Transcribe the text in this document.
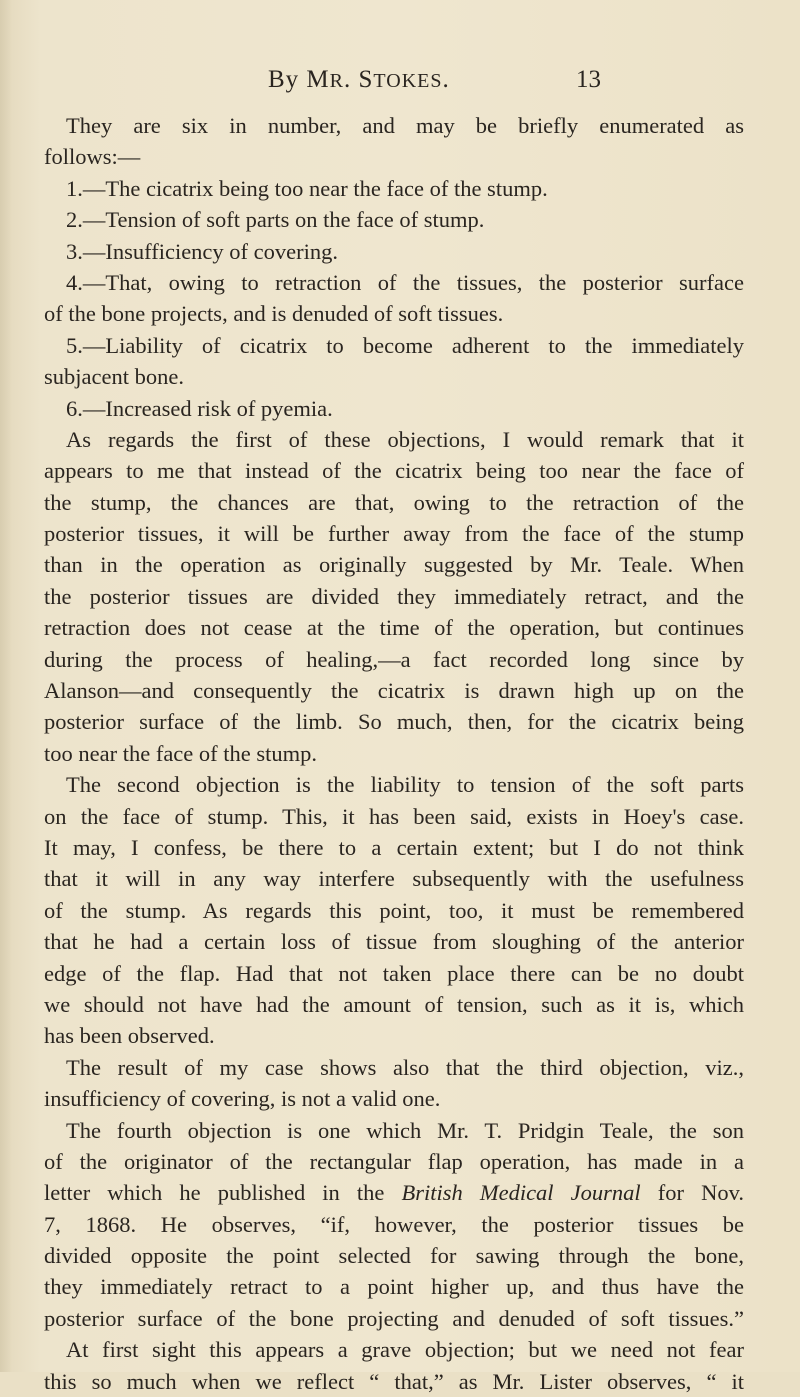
By MR. STOKES.	13
They are six in number, and may be briefly enumerated as
follows:—
1.—The cicatrix being too near the face of the stump.
2.—Tension of soft parts on the face of stump.
3.—Insufficiency of covering.
4.—That, owing to retraction of the tissues, the posterior surface
of the bone projects, and is denuded of soft tissues.
5.—Liability of cicatrix to become adherent to the immediately
subjacent bone.
6.—Increased risk of pyemia.
As regards the first of these objections, I would remark that it
appears to me that instead of the cicatrix being too near the face of
the stump, the chances are that, owing to the retraction of the
posterior tissues, it will be further away from the face of the stump
than in the operation as originally suggested by Mr. Teale. When
the posterior tissues are divided they immediately retract, and the
retraction does not cease at the time of the operation, but continues
during the process of healing,—a fact recorded long since by
Alanson—and consequently the cicatrix is drawn high up on the
posterior surface of the limb. So much, then, for the cicatrix being
too near the face of the stump.
The second objection is the liability to tension of the soft parts
on the face of stump. This, it has been said, exists in Hoey's case.
It may, I confess, be there to a certain extent; but I do not think
that it will in any way interfere subsequently with the usefulness
of the stump. As regards this point, too, it must be remembered
that he had a certain loss of tissue from sloughing of the anterior
edge of the flap. Had that not taken place there can be no doubt
we should not have had the amount of tension, such as it is, which
has been observed.
The result of my case shows also that the third objection, viz.,
insufficiency of covering, is not a valid one.
The fourth objection is one which Mr. T. Pridgin Teale, the son
of the originator of the rectangular flap operation, has made in a
letter which he published in the British Medical Journal for Nov.
7, 1868. He observes, “if, however, the posterior tissues be
divided opposite the point selected for sawing through the bone,
they immediately retract to a point higher up, and thus have the
posterior surface of the bone projecting and denuded of soft tissues.”
At first sight this appears a grave objection; but we need not fear
this so much when we reflect “ that,” as Mr. Lister observes, “ it
